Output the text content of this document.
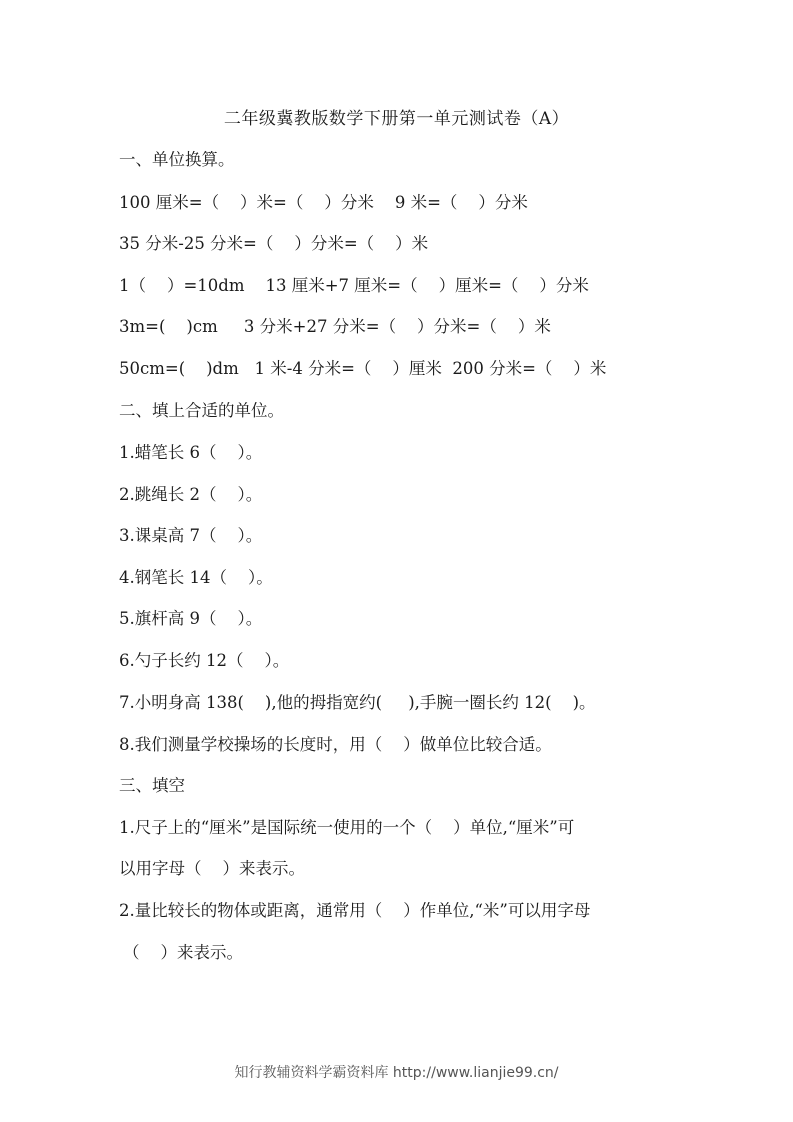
二年级冀教版数学下册第一单元测试卷（A）
一、单位换算。
100 厘米=（    ）米=（    ）分米    9 米=（    ）分米
35 分米-25 分米=（    ）分米=（    ）米
1（    ）=10dm    13 厘米+7 厘米=（    ）厘米=（    ）分米
3m=(    )cm     3 分米+27 分米=（    ）分米=（    ）米
50cm=(    )dm   1 米-4 分米=（    ）厘米  200 分米=（    ）米
二、填上合适的单位。
1.蜡笔长 6（    ）。
2.跳绳长 2（    ）。
3.课桌高 7（    ）。
4.钢笔长 14（    ）。
5.旗杆高 9（    ）。
6.勺子长约 12（    ）。
7.小明身高 138(    ),他的拇指宽约(     ),手腕一圈长约 12(    )。
8.我们测量学校操场的长度时，用（    ）做单位比较合适。
三、填空
1.尺子上的“厘米”是国际统一使用的一个（    ）单位,“厘米”可
以用字母（    ）来表示。
2.量比较长的物体或距离，通常用（    ）作单位,“米”可以用字母
（    ）来表示。
知行教辅资料学霸资料库 http://www.lianjie99.cn/
